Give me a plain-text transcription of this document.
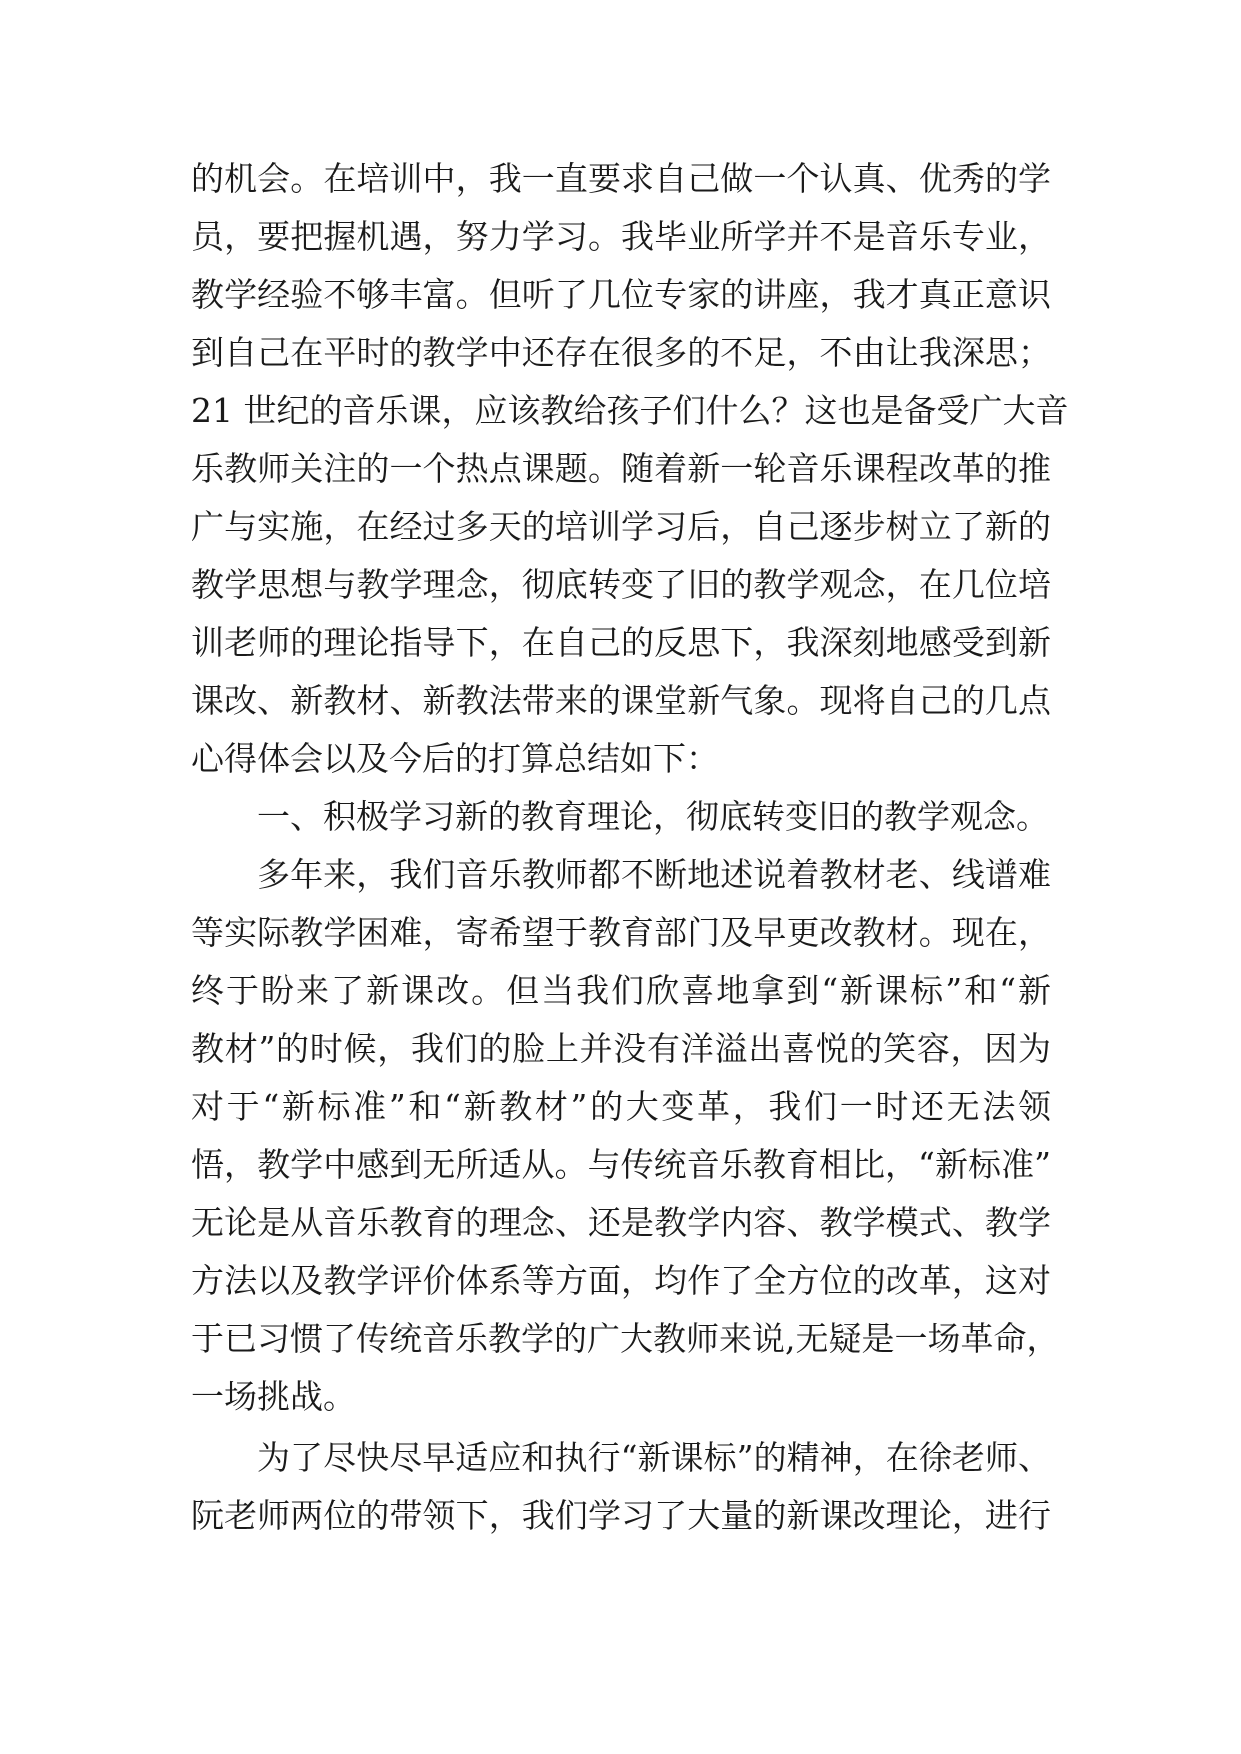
的机会。在培训中，我一直要求自己做一个认真、优秀的学
员，要把握机遇，努力学习。我毕业所学并不是音乐专业，
教学经验不够丰富。但听了几位专家的讲座，我才真正意识
到自己在平时的教学中还存在很多的不足，不由让我深思；
21 世纪的音乐课，应该教给孩子们什么？这也是备受广大音
乐教师关注的一个热点课题。随着新一轮音乐课程改革的推
广与实施，在经过多天的培训学习后，自己逐步树立了新的
教学思想与教学理念，彻底转变了旧的教学观念，在几位培
训老师的理论指导下，在自己的反思下，我深刻地感受到新
课改、新教材、新教法带来的课堂新气象。现将自己的几点
心得体会以及今后的打算总结如下：
一、积极学习新的教育理论，彻底转变旧的教学观念。
多年来，我们音乐教师都不断地述说着教材老、线谱难
等实际教学困难，寄希望于教育部门及早更改教材。现在，
终于盼来了新课改。但当我们欣喜地拿到“新课标”和“新
教材”的时候，我们的脸上并没有洋溢出喜悦的笑容，因为
对于“新标准”和“新教材”的大变革，我们一时还无法领
悟，教学中感到无所适从。与传统音乐教育相比，“新标准”
无论是从音乐教育的理念、还是教学内容、教学模式、教学
方法以及教学评价体系等方面，均作了全方位的改革，这对
于已习惯了传统音乐教学的广大教师来说,无疑是一场革命，
一场挑战。
为了尽快尽早适应和执行“新课标”的精神，在徐老师、
阮老师两位的带领下，我们学习了大量的新课改理论，进行
